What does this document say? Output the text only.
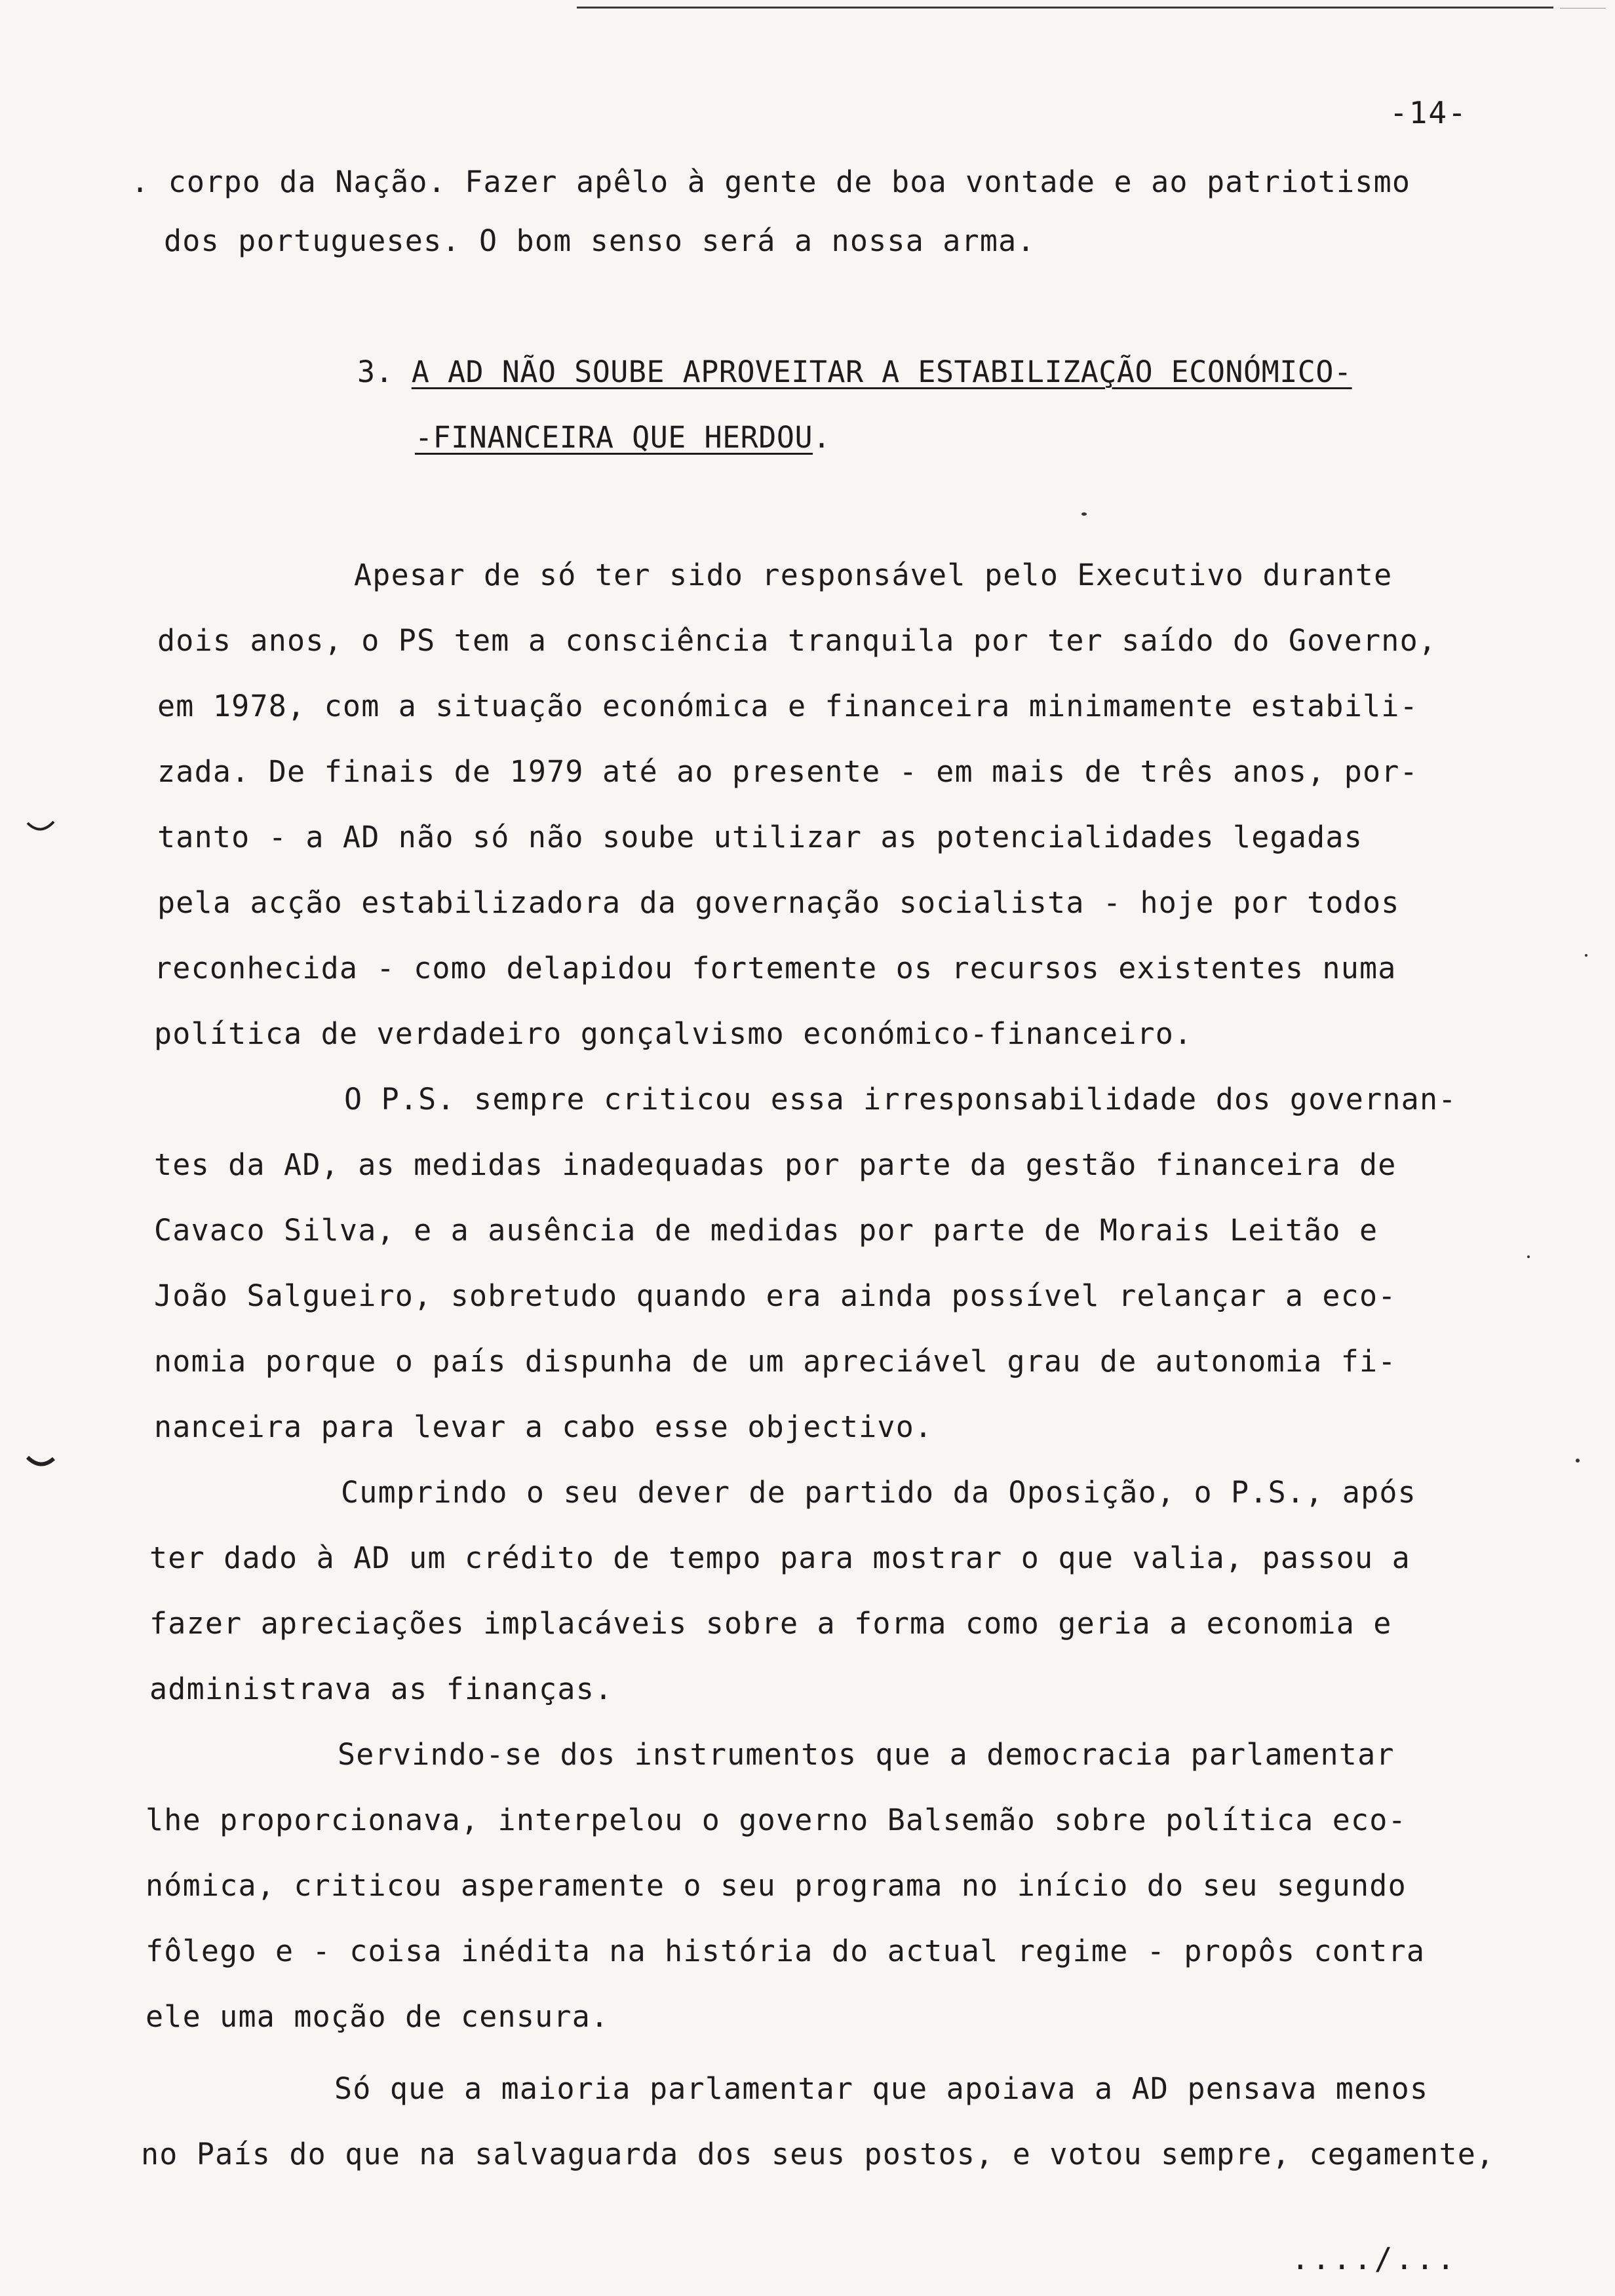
-14-
. corpo da Nação. Fazer apêlo à gente de boa vontade e ao patriotismo
dos portugueses. O bom senso será a nossa arma.
3. A AD NÃO SOUBE APROVEITAR A ESTABILIZAÇÃO ECONÓMICO-
-FINANCEIRA QUE HERDOU.
Apesar de só ter sido responsável pelo Executivo durante
dois anos, o PS tem a consciência tranquila por ter saído do Governo,
em 1978, com a situação económica e financeira minimamente estabili-
zada. De finais de 1979 até ao presente - em mais de três anos, por-
tanto - a AD não só não soube utilizar as potencialidades legadas
pela acção estabilizadora da governação socialista - hoje por todos
reconhecida - como delapidou fortemente os recursos existentes numa
política de verdadeiro gonçalvismo económico-financeiro.
O P.S. sempre criticou essa irresponsabilidade dos governan-
tes da AD, as medidas inadequadas por parte da gestão financeira de
Cavaco Silva, e a ausência de medidas por parte de Morais Leitão e
João Salgueiro, sobretudo quando era ainda possível relançar a eco-
nomia porque o país dispunha de um apreciável grau de autonomia fi-
nanceira para levar a cabo esse objectivo.
Cumprindo o seu dever de partido da Oposição, o P.S., após
ter dado à AD um crédito de tempo para mostrar o que valia, passou a
fazer apreciações implacáveis sobre a forma como geria a economia e
administrava as finanças.
Servindo-se dos instrumentos que a democracia parlamentar
lhe proporcionava, interpelou o governo Balsemão sobre política eco-
nómica, criticou asperamente o seu programa no início do seu segundo
fôlego e - coisa inédita na história do actual regime - propôs contra
ele uma moção de censura.
Só que a maioria parlamentar que apoiava a AD pensava menos
no País do que na salvaguarda dos seus postos, e votou sempre, cegamente,
..../...
